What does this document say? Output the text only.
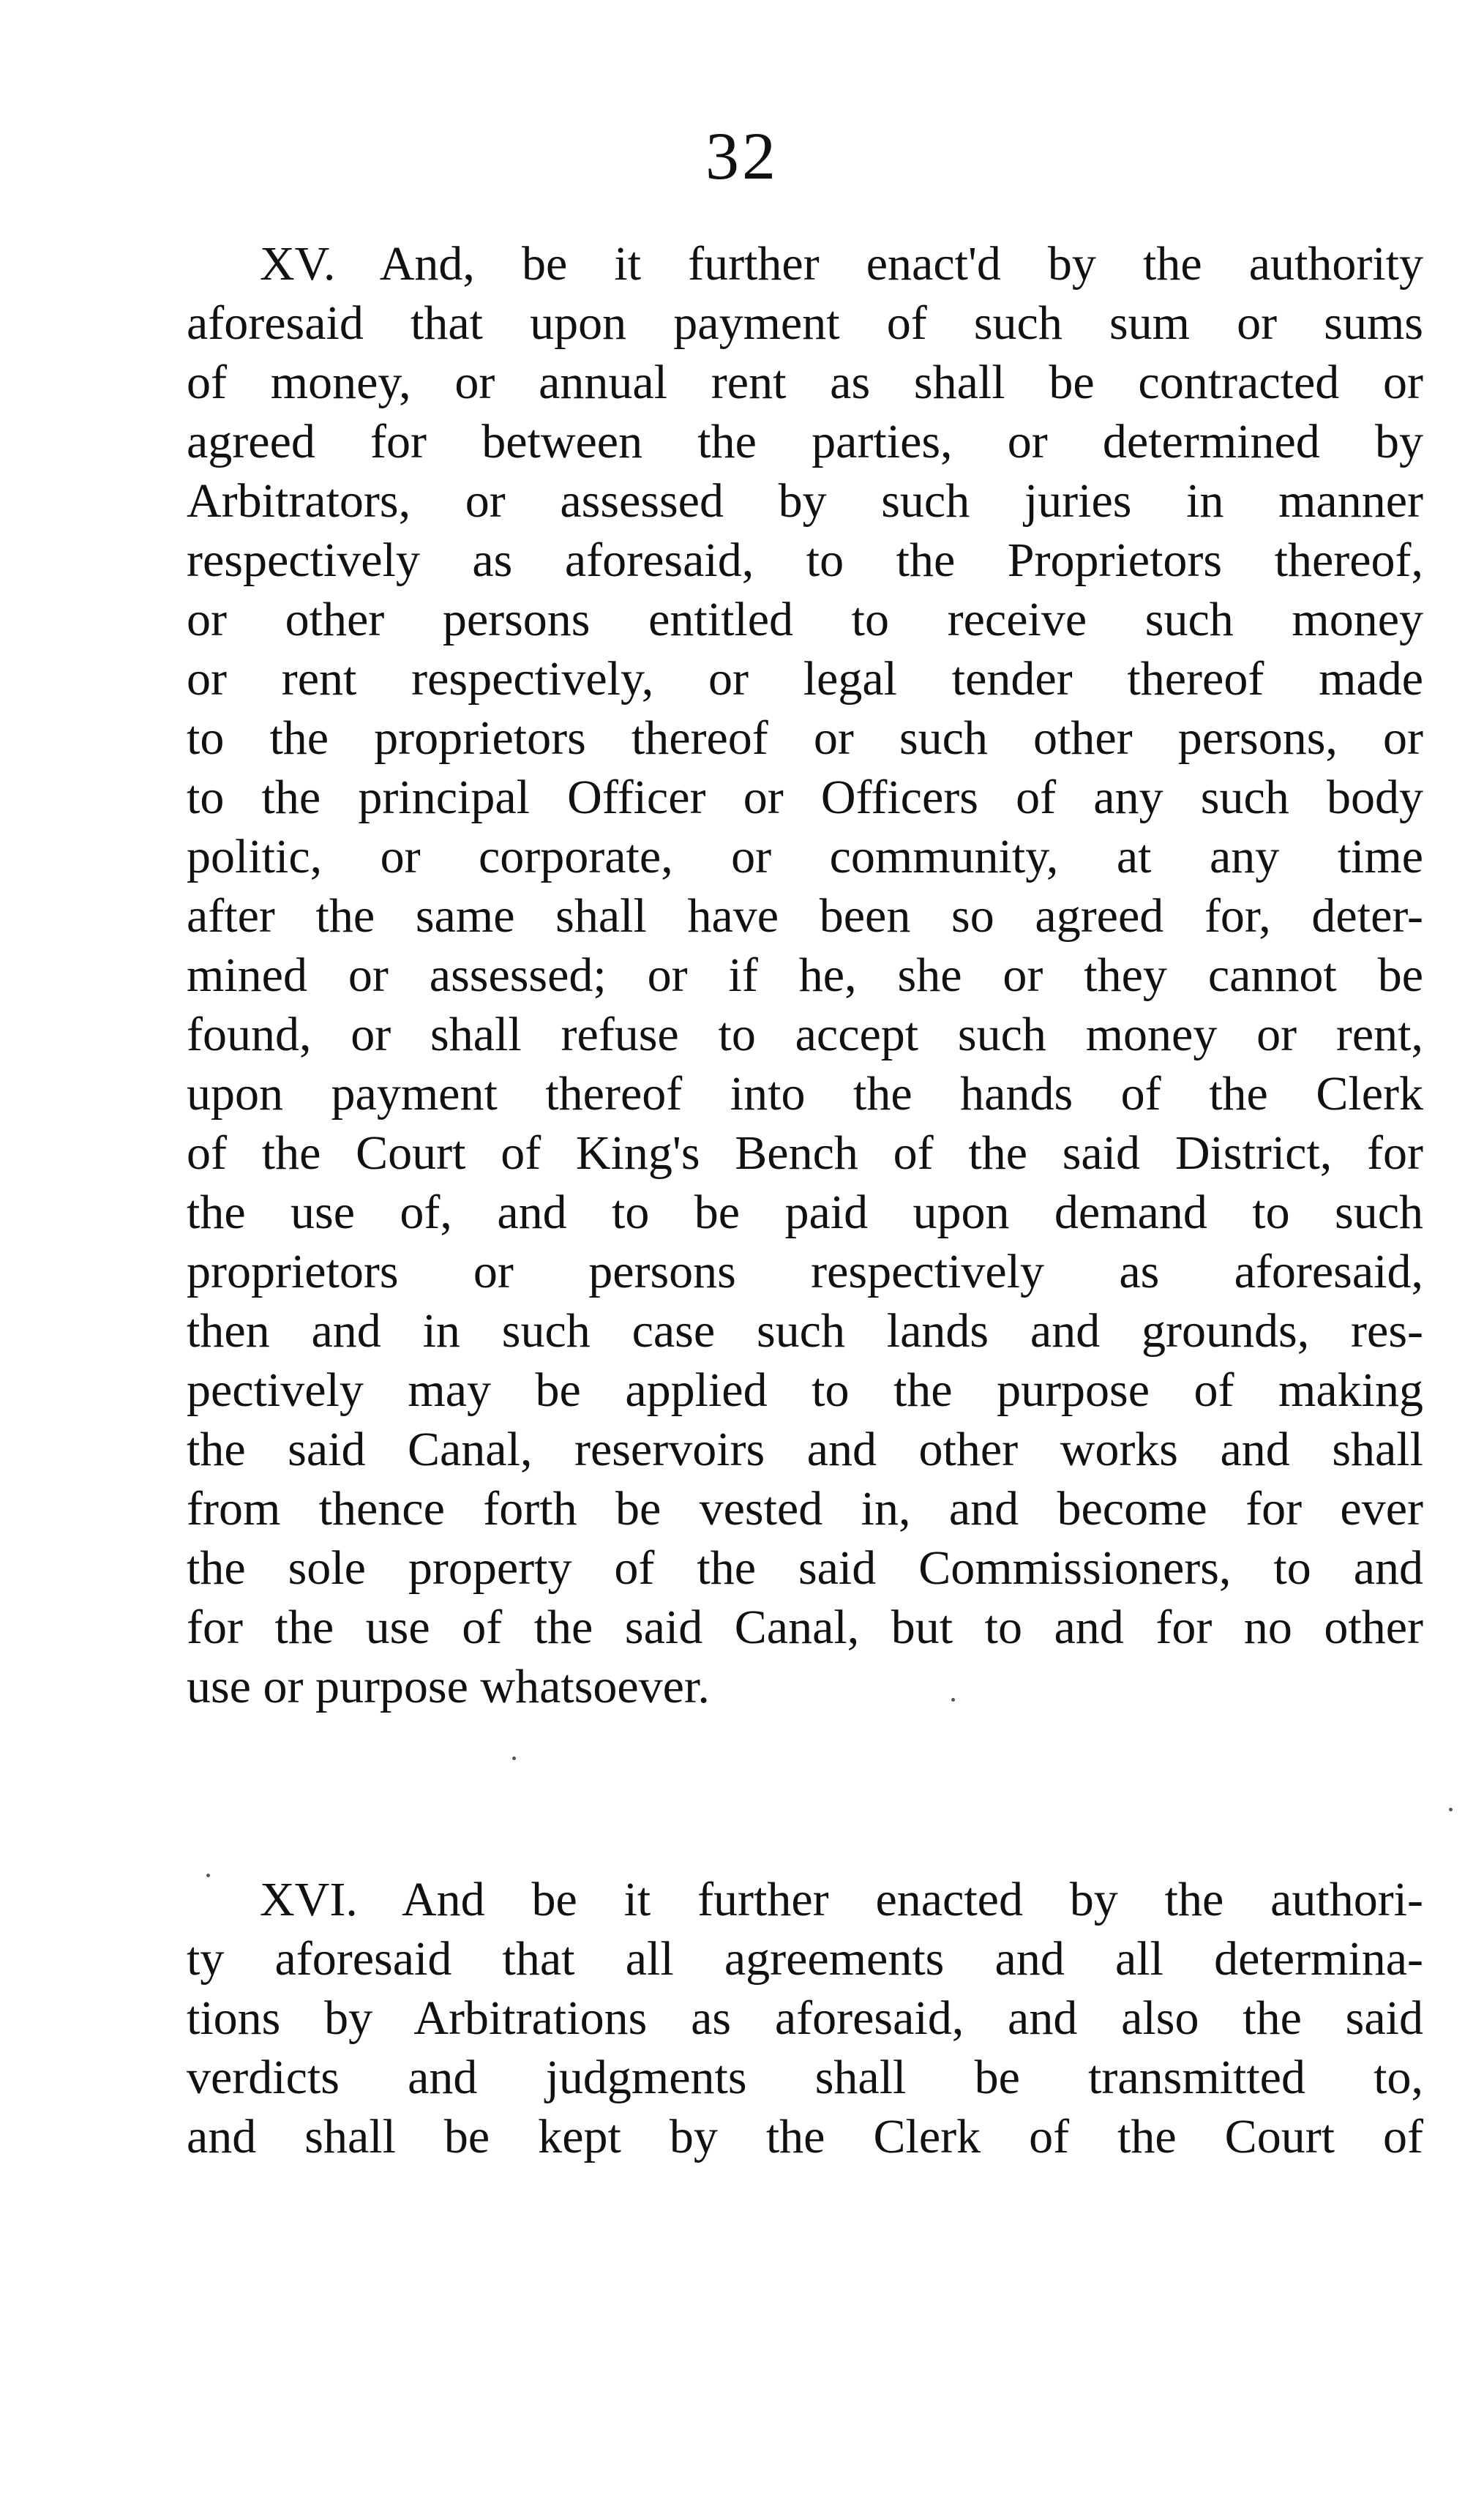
32
XV. And, be it further enact'd by the authority
aforesaid that upon payment of such sum or sums
of money, or annual rent as shall be contracted or
agreed for between the parties, or determined by
Arbitrators, or assessed by such juries in manner
respectively as aforesaid, to the Proprietors thereof,
or other persons entitled to receive such money
or rent respectively, or legal tender thereof made
to the proprietors thereof or such other persons, or
to the principal Officer or Officers of any such body
politic, or corporate, or community, at any time
after the same shall have been so agreed for, deter-
mined or assessed; or if he, she or they cannot be
found, or shall refuse to accept such money or rent,
upon payment thereof into the hands of the Clerk
of the Court of King's Bench of the said District, for
the use of, and to be paid upon demand to such
proprietors or persons respectively as aforesaid,
then and in such case such lands and grounds, res-
pectively may be applied to the purpose of making
the said Canal, reservoirs and other works and shall
from thence forth be vested in, and become for ever
the sole property of the said Commissioners, to and
for the use of the said Canal, but to and for no other
use or purpose whatsoever.
XVI. And be it further enacted by the authori-
ty aforesaid that all agreements and all determina-
tions by Arbitrations as aforesaid, and also the said
verdicts and judgments shall be transmitted to,
and shall be kept by the Clerk of the Court of
